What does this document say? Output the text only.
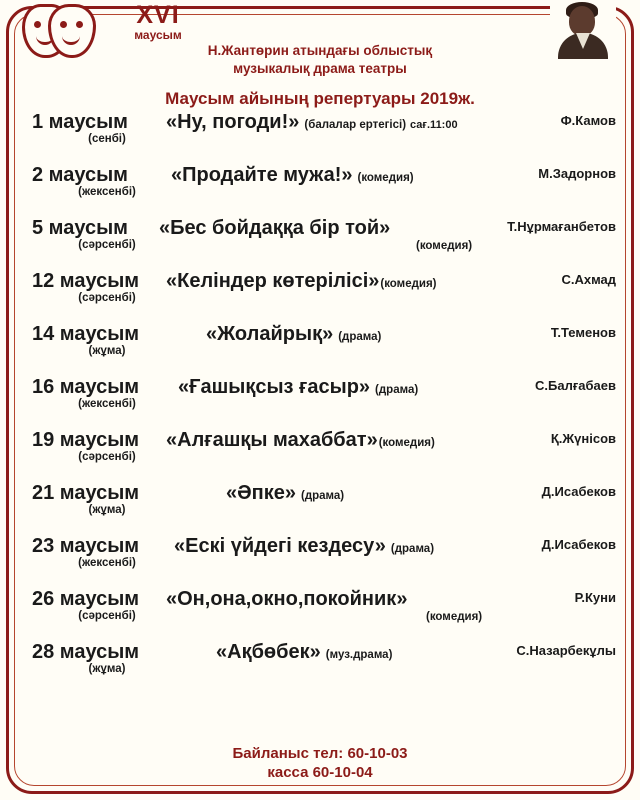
XVI
маусым
Н.Жантөрин атындағы облыстық
музыкалық драма театры
Маусым айының репертуары 2019ж.
1 маусым
(сенбі)
«Ну, погоди!» (балалар ертегісі) сағ.11:00	Ф.Камов
2 маусым
(жексенбі)
«Продайте мужа!» (комедия)	М.Задорнов
5 маусым
(сәрсенбі)
«Бес бойдаққа бір той»
(комедия)
Т.Нұрмағанбетов
12 маусым
(сәрсенбі)
«Келіндер көтерілісі» (комедия)	С.Ахмад
14 маусым
(жұма)
«Жолайрық» (драма)	Т.Теменов
16 маусым
(жексенбі)
«Ғашықсыз ғасыр» (драма)	С.Балғабаев
19 маусым
(сәрсенбі)
«Алғашқы махаббат» (комедия)	Қ.Жүнісов
21 маусым
(жұма)
«Әпке» (драма)	Д.Исабеков
23 маусым
(жексенбі)
«Ескі үйдегі кездесу» (драма)	Д.Исабеков
26 маусым
(сәрсенбі)
«Он,она,окно,покойник»
(комедия)
Р.Куни
28 маусым
(жұма)
«Ақбөбек» (муз.драма)	С.Назарбекұлы
Байланыс тел: 60-10-03
касса 60-10-04
